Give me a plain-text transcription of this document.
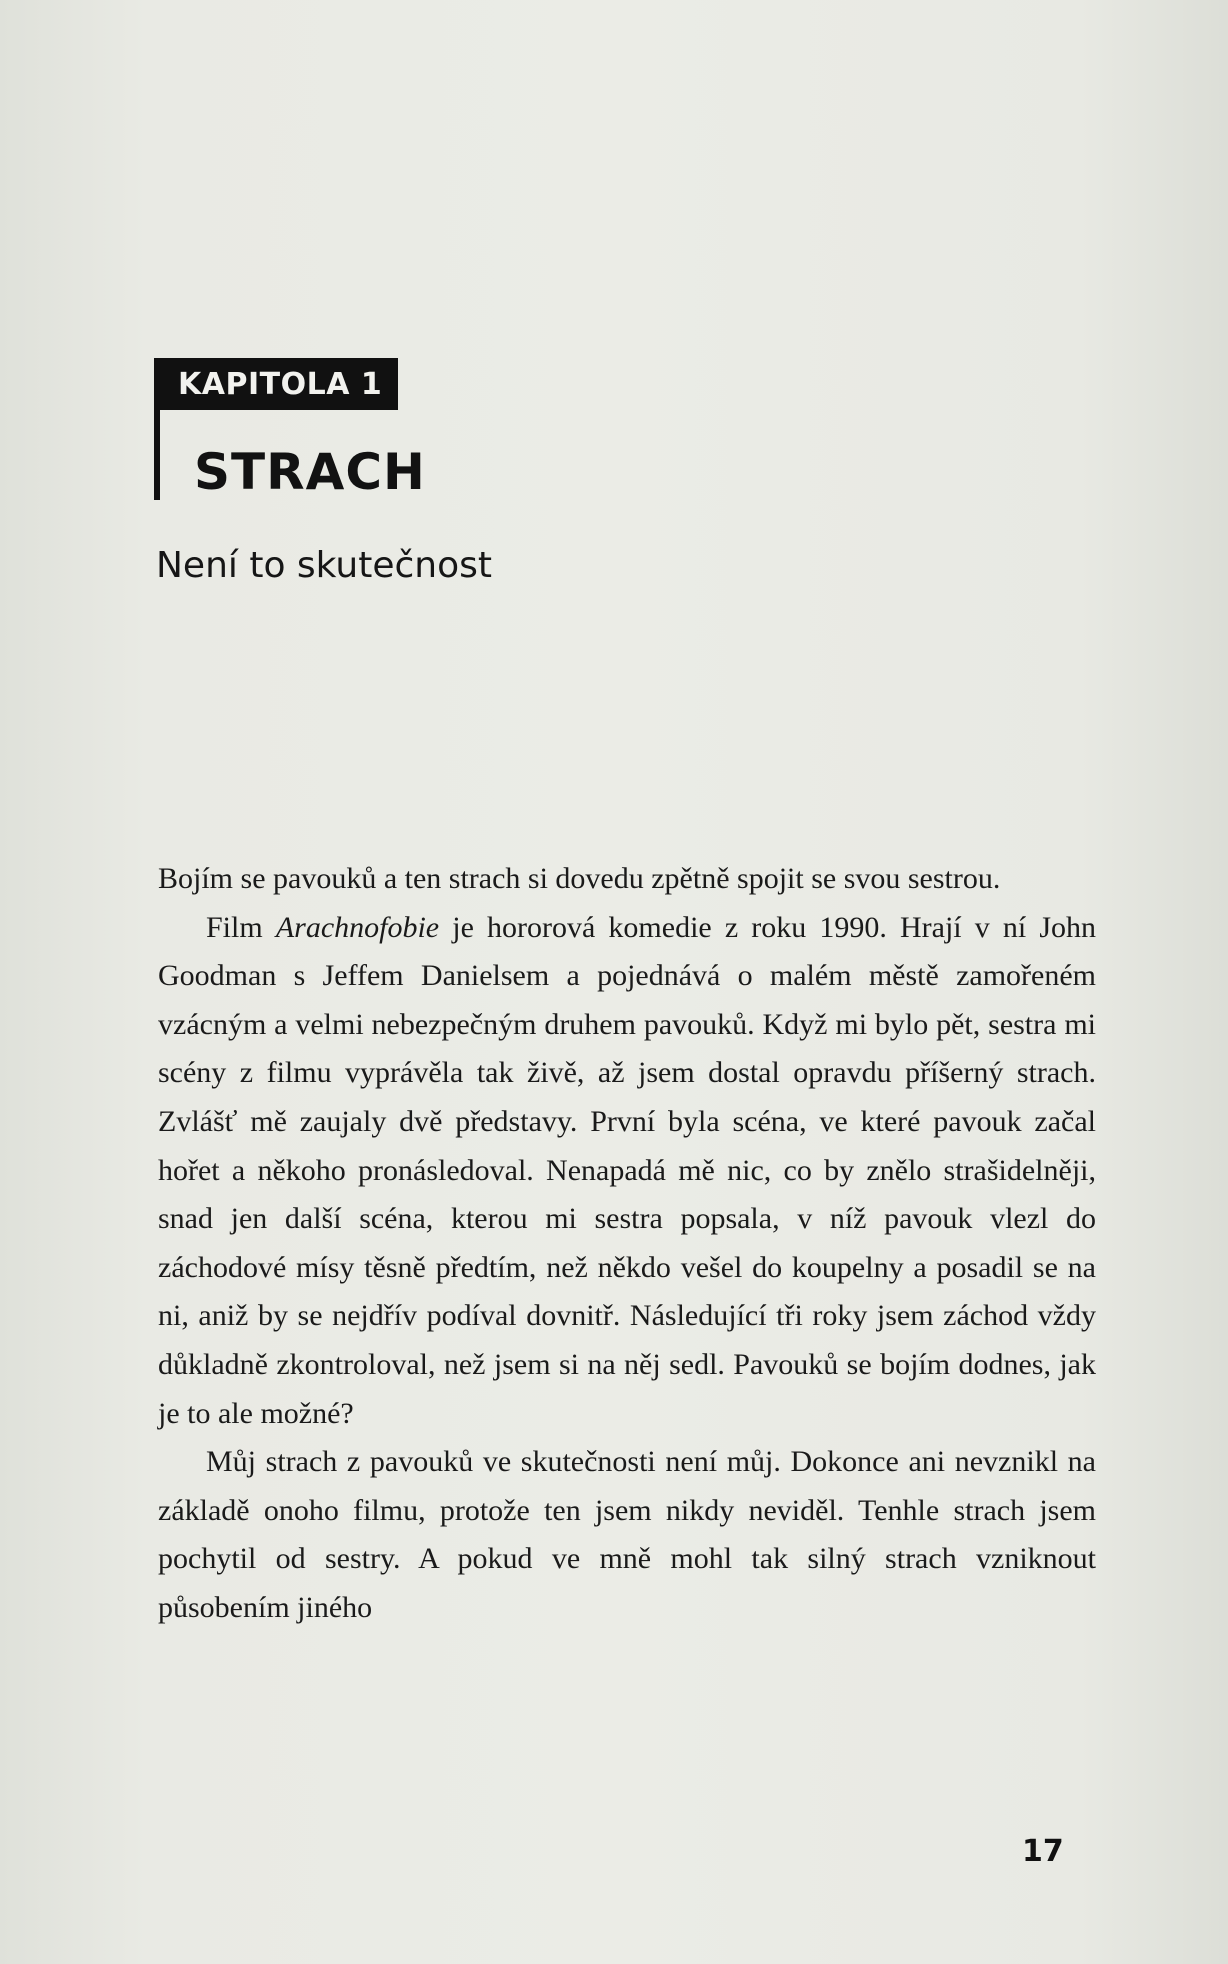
KAPITOLA 1
STRACH
Není to skutečnost

Bojím se pavouků a ten strach si dovedu zpětně spojit se svou sestrou.

Film Arachnofobie je hororová komedie z roku 1990. Hrají v ní John Goodman s Jeffem Danielsem a pojednává o malém městě zamořeném vzácným a velmi nebezpečným druhem pavouků. Když mi bylo pět, sestra mi scény z filmu vyprávěla tak živě, až jsem dostal opravdu příšerný strach. Zvlášť mě zaujaly dvě představy. První byla scéna, ve které pavouk začal hořet a někoho pronásledoval. Nenapadá mě nic, co by znělo strašidelněji, snad jen další scéna, kterou mi sestra popsala, v níž pavouk vlezl do záchodové mísy těsně předtím, než někdo vešel do koupelny a posadil se na ni, aniž by se nejdřív podíval dovnitř. Následující tři roky jsem záchod vždy důkladně zkontroloval, než jsem si na něj sedl. Pavouků se bojím dodnes, jak je to ale možné?

Můj strach z pavouků ve skutečnosti není můj. Dokonce ani nevznikl na základě onoho filmu, protože ten jsem nikdy neviděl. Tenhle strach jsem pochytil od sestry. A pokud ve mně mohl tak silný strach vzniknout působením jiného

17
